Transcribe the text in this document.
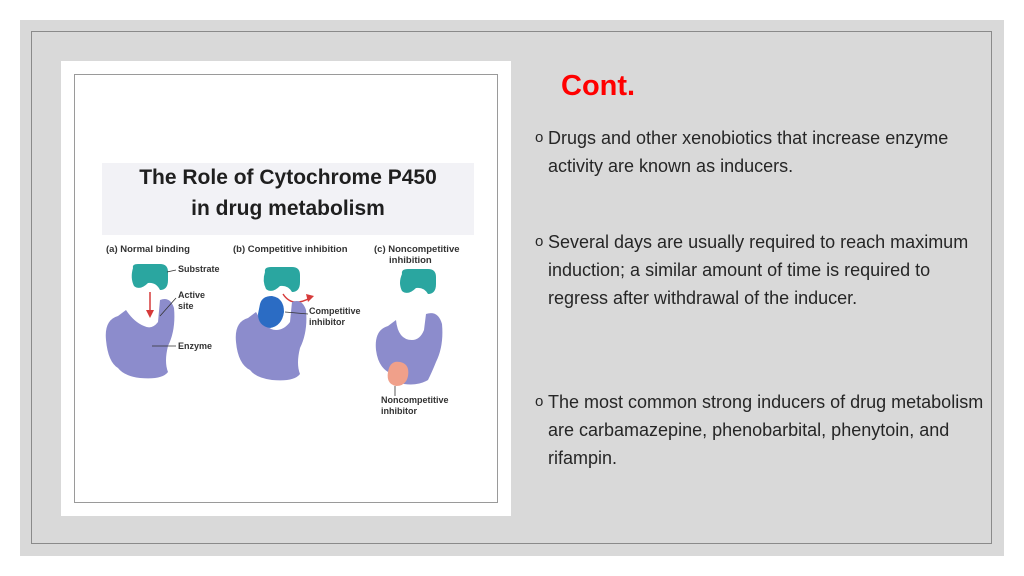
The Role of Cytochrome P450
in drug metabolism
(a) Normal binding	(b) Competitive inhibition	(c) Noncompetitive
inhibition
Substrate
Active
site
Enzyme
Competitive
inhibitor
Noncompetitive
inhibitor
Cont.
o Drugs and other xenobiotics that increase enzyme activity are known as inducers.
o Several days are usually required to reach maximum induction; a similar amount of time is required to regress after withdrawal of the inducer.
o The most common strong inducers of drug metabolism are carbamazepine, phenobarbital, phenytoin, and rifampin.
